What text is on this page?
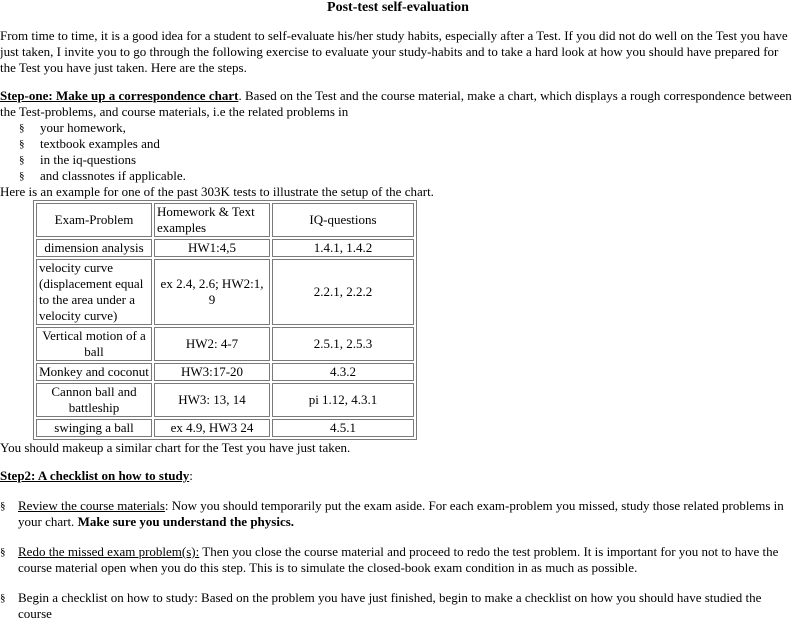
Post-test self-evaluation

From time to time, it is a good idea for a student to self-evaluate his/her study habits, especially after a Test. If you did not do well on the Test you have just taken, I invite you to go through the following exercise to evaluate your study-habits and to take a hard look at how you should have prepared for the Test you have just taken. Here are the steps.

Step-one: Make up a correspondence chart. Based on the Test and the course material, make a chart, which displays a rough correspondence between the Test-problems, and course materials, i.e the related problems in

§ your homework,
§ textbook examples and
§ in the iq-questions
§ and classnotes if applicable.

Here is an example for one of the past 303K tests to illustrate the setup of the chart.

Exam-Problem	Homework & Text examples	IQ-questions
dimension analysis	HW1:4,5	1.4.1, 1.4.2
velocity curve (displacement equal to the area under a velocity curve)	ex 2.4, 2.6; HW2:1, 9	2.2.1, 2.2.2
Vertical motion of a ball	HW2: 4-7	2.5.1, 2.5.3
Monkey and coconut	HW3:17-20	4.3.2
Cannon ball and battleship	HW3: 13, 14	pi 1.12, 4.3.1
swinging a ball	ex 4.9, HW3 24	4.5.1

You should makeup a similar chart for the Test you have just taken.

Step2: A checklist on how to study:

§ Review the course materials: Now you should temporarily put the exam aside. For each exam-problem you missed, study those related problems in your chart. Make sure you understand the physics.
§ Redo the missed exam problem(s): Then you close the course material and proceed to redo the test problem. It is important for you not to have the course material open when you do this step. This is to simulate the closed-book exam condition in as much as possible.
§ Begin a checklist on how to study: Based on the problem you have just finished, begin to make a checklist on how you should have studied the course
